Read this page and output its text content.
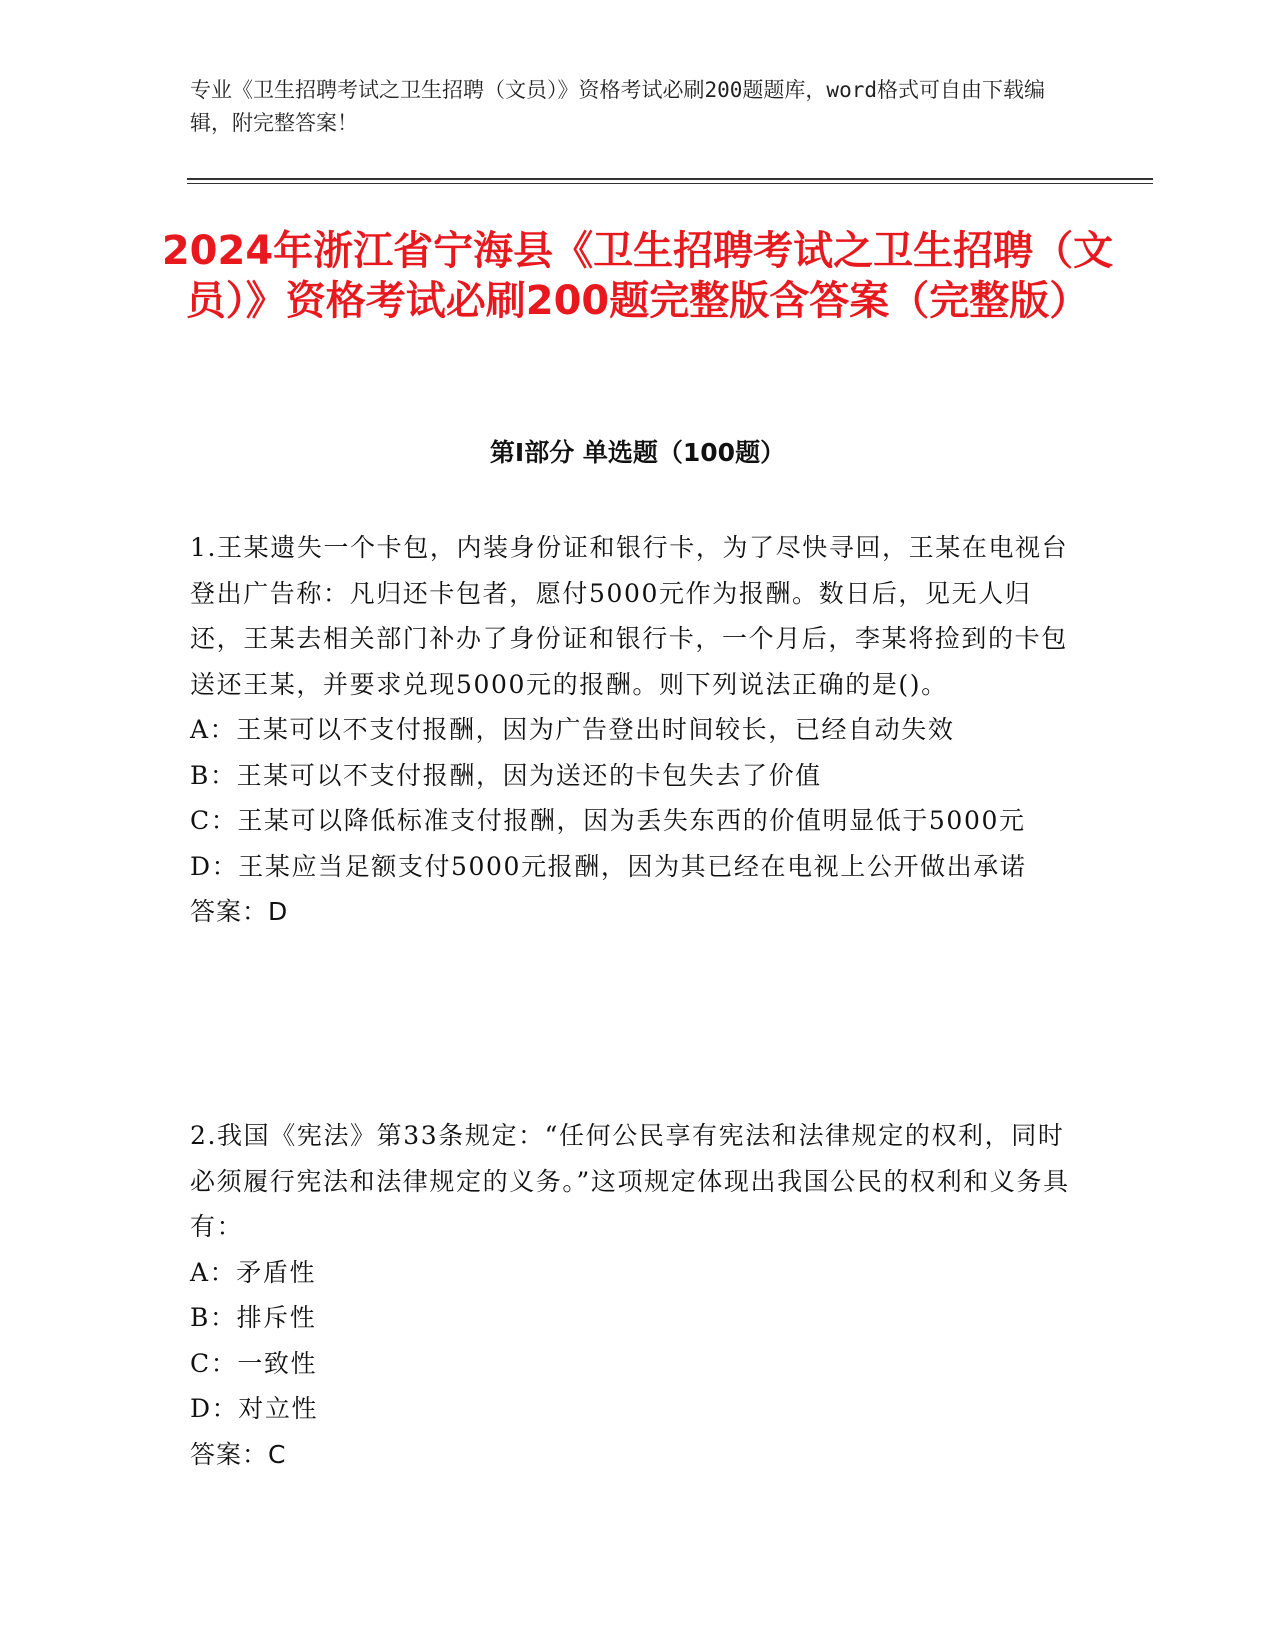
专业《卫生招聘考试之卫生招聘（文员）》资格考试必刷200题题库，word格式可自由下载编辑，附完整答案！
2024年浙江省宁海县《卫生招聘考试之卫生招聘（文员）》资格考试必刷200题完整版含答案（完整版）
第Ⅰ部分 单选题（100题）

1.王某遗失一个卡包，内装身份证和银行卡，为了尽快寻回，王某在电视台登出广告称：凡归还卡包者，愿付5000元作为报酬。数日后，见无人归还，王某去相关部门补办了身份证和银行卡，一个月后，李某将捡到的卡包送还王某，并要求兑现5000元的报酬。则下列说法正确的是()。

A：王某可以不支付报酬，因为广告登出时间较长，已经自动失效

B：王某可以不支付报酬，因为送还的卡包失去了价值

C：王某可以降低标准支付报酬，因为丢失东西的价值明显低于5000元

D：王某应当足额支付5000元报酬，因为其已经在电视上公开做出承诺

答案：D

2.我国《宪法》第33条规定：“任何公民享有宪法和法律规定的权利，同时必须履行宪法和法律规定的义务。”这项规定体现出我国公民的权利和义务具有：

A：矛盾性

B：排斥性

C：一致性

D：对立性

答案：C
